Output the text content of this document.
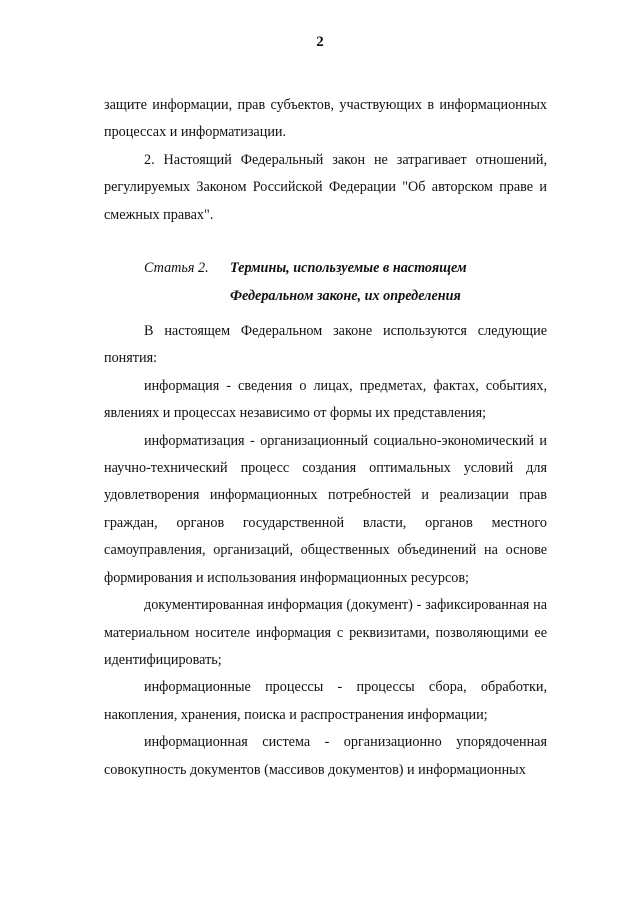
2

защите информации, прав субъектов, участвующих в информационных процессах и информатизации.

2. Настоящий Федеральный закон не затрагивает отношений, регулируемых Законом Российской Федерации "Об авторском праве и смежных правах".

Статья 2. Термины, используемые в настоящем
Федеральном законе, их определения

В настоящем Федеральном законе используются следующие понятия:

информация - сведения о лицах, предметах, фактах, событиях, явлениях и процессах независимо от формы их представления;

информатизация - организационный социально-экономический и научно-технический процесс создания оптимальных условий для удовлетворения информационных потребностей и реализации прав граждан, органов государственной власти, органов местного самоуправления, организаций, общественных объединений на основе формирования и использования информационных ресурсов;

документированная информация (документ) - зафиксированная на материальном носителе информация с реквизитами, позволяющими ее идентифицировать;

информационные процессы - процессы сбора, обработки, накопления, хранения, поиска и распространения информации;

информационная система - организационно упорядоченная совокупность документов (массивов документов) и информационных
